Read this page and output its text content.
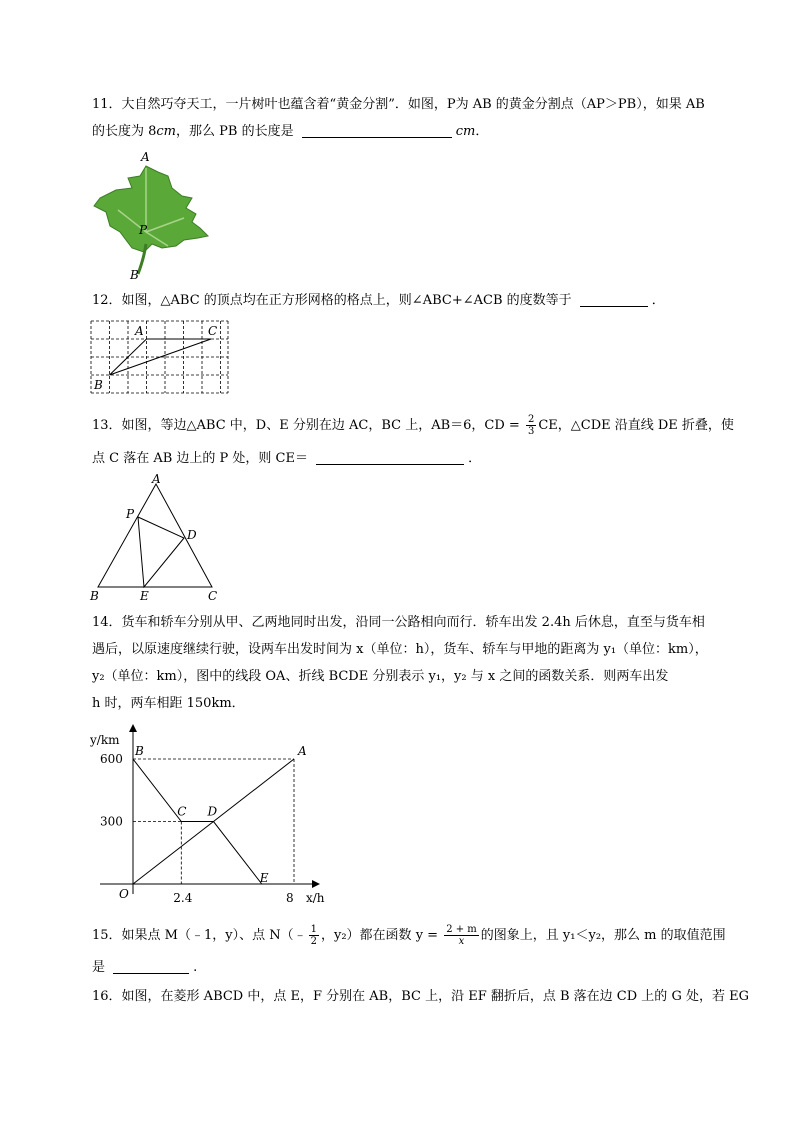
11．大自然巧夺天工，一片树叶也蕴含着“黄金分割”．如图，P为 AB 的黄金分割点（AP＞PB），如果 AB
的长度为 8cm，那么 PB 的长度是	cm．
A
P
B
12．如图，△ABC 的顶点均在正方形网格的格点上，则∠ABC+∠ACB 的度数等于	．
A	C
B
13．如图，等边△ABC 中，D、E 分别在边 AC，BC 上，AB＝6，CD = $\frac{2}{3}$ CE，△CDE 沿直线 DE 折叠，使
点 C 落在 AB 边上的 P 处，则 CE＝	．
A
P
D
B	E	C
14．货车和轿车分别从甲、乙两地同时出发，沿同一公路相向而行．轿车出发 2.4h 后休息，直至与货车相
遇后，以原速度继续行驶，设两车出发时间为 x（单位：h），货车、轿车与甲地的距离为 y₁（单位：km），
y₂（单位：km），图中的线段 OA、折线 BCDE 分别表示 y₁，y₂ 与 x 之间的函数关系．则两车出发
h 时，两车相距 150km．
y/km
x/h
O
300
600
2.4	8
A
B
C D
E
15．如果点 M（﹣1，y）、点 N（﹣ $\frac{1}{2}$ ，y₂）都在函数 $y = \frac{2 + m}{x}$ 的图象上，且 y₁＜y₂，那么 m 的取值范围
是	.
16．如图，在菱形 ABCD 中，点 E，F 分别在 AB，BC 上，沿 EF 翻折后，点 B 落在边 CD 上的 G 处，若 EG
